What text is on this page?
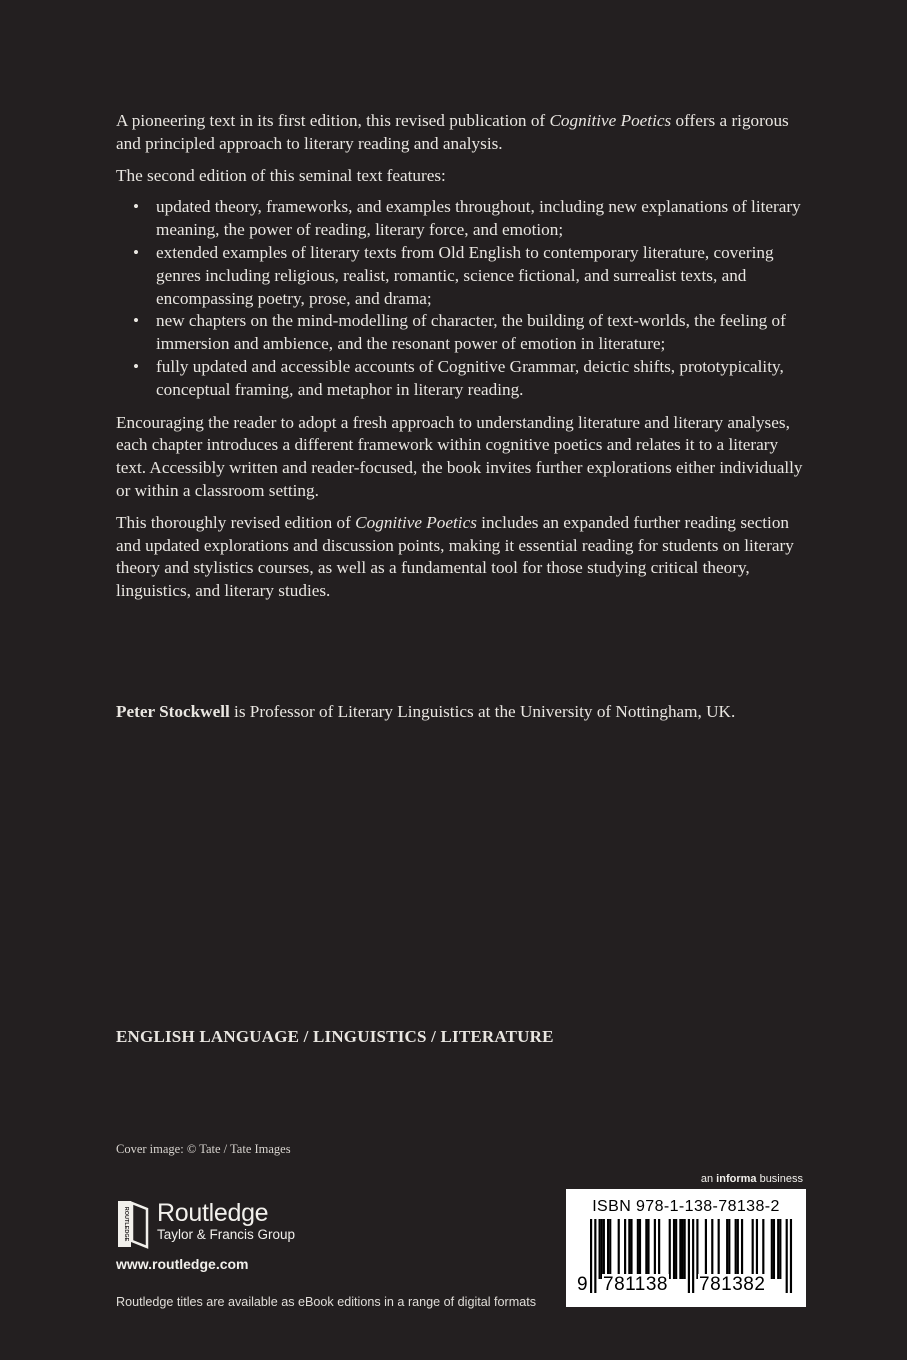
A pioneering text in its first edition, this revised publication of Cognitive Poetics offers a rigorous and principled approach to literary reading and analysis.

The second edition of this seminal text features:

• updated theory, frameworks, and examples throughout, including new explanations of literary meaning, the power of reading, literary force, and emotion;
• extended examples of literary texts from Old English to contemporary literature, covering genres including religious, realist, romantic, science fictional, and surrealist texts, and encompassing poetry, prose, and drama;
• new chapters on the mind-modelling of character, the building of text-worlds, the feeling of immersion and ambience, and the resonant power of emotion in literature;
• fully updated and accessible accounts of Cognitive Grammar, deictic shifts, prototypicality, conceptual framing, and metaphor in literary reading.

Encouraging the reader to adopt a fresh approach to understanding literature and literary analyses, each chapter introduces a different framework within cognitive poetics and relates it to a literary text. Accessibly written and reader-focused, the book invites further explorations either individually or within a classroom setting.

This thoroughly revised edition of Cognitive Poetics includes an expanded further reading section and updated explorations and discussion points, making it essential reading for students on literary theory and stylistics courses, as well as a fundamental tool for those studying critical theory, linguistics, and literary studies.

Peter Stockwell is Professor of Literary Linguistics at the University of Nottingham, UK.
ENGLISH LANGUAGE / LINGUISTICS / LITERATURE
Cover image: © Tate / Tate Images
ROUTLEDGE Routledge
Taylor & Francis Group
www.routledge.com
Routledge titles are available as eBook editions in a range of digital formats
an informa business
ISBN 978-1-138-78138-2
9 781138 781382
